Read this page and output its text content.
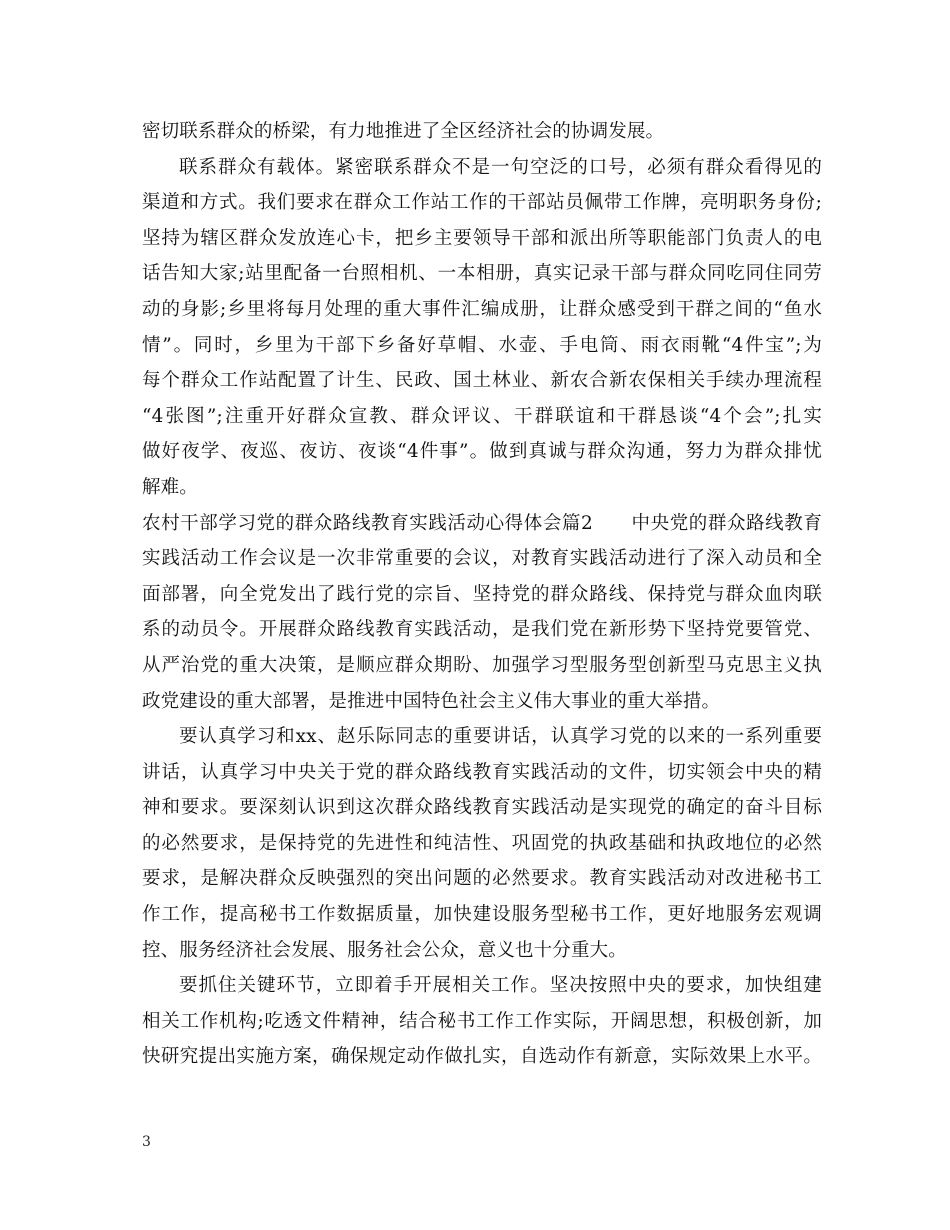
密切联系群众的桥梁，有力地推进了全区经济社会的协调发展。
联系群众有载体。紧密联系群众不是一句空泛的口号，必须有群众看得见的
渠道和方式。我们要求在群众工作站工作的干部站员佩带工作牌，亮明职务身份;
坚持为辖区群众发放连心卡，把乡主要领导干部和派出所等职能部门负责人的电
话告知大家;站里配备一台照相机、一本相册，真实记录干部与群众同吃同住同劳
动的身影;乡里将每月处理的重大事件汇编成册，让群众感受到干群之间的“鱼水
情”。同时，乡里为干部下乡备好草帽、水壶、手电筒、雨衣雨靴“4件宝”;为
每个群众工作站配置了计生、民政、国土林业、新农合新农保相关手续办理流程
“4张图”;注重开好群众宣教、群众评议、干群联谊和干群恳谈“4个会”;扎实
做好夜学、夜巡、夜访、夜谈“4件事”。做到真诚与群众沟通，努力为群众排忧
解难。
农村干部学习党的群众路线教育实践活动心得体会篇2　　中央党的群众路线教育
实践活动工作会议是一次非常重要的会议，对教育实践活动进行了深入动员和全
面部署，向全党发出了践行党的宗旨、坚持党的群众路线、保持党与群众血肉联
系的动员令。开展群众路线教育实践活动，是我们党在新形势下坚持党要管党、
从严治党的重大决策，是顺应群众期盼、加强学习型服务型创新型马克思主义执
政党建设的重大部署，是推进中国特色社会主义伟大事业的重大举措。
要认真学习和xx、赵乐际同志的重要讲话，认真学习党的以来的一系列重要
讲话，认真学习中央关于党的群众路线教育实践活动的文件，切实领会中央的精
神和要求。要深刻认识到这次群众路线教育实践活动是实现党的确定的奋斗目标
的必然要求，是保持党的先进性和纯洁性、巩固党的执政基础和执政地位的必然
要求，是解决群众反映强烈的突出问题的必然要求。教育实践活动对改进秘书工
作工作，提高秘书工作数据质量，加快建设服务型秘书工作，更好地服务宏观调
控、服务经济社会发展、服务社会公众，意义也十分重大。
要抓住关键环节，立即着手开展相关工作。坚决按照中央的要求，加快组建
相关工作机构;吃透文件精神，结合秘书工作工作实际，开阔思想，积极创新，加
快研究提出实施方案，确保规定动作做扎实，自选动作有新意，实际效果上水平。
3
